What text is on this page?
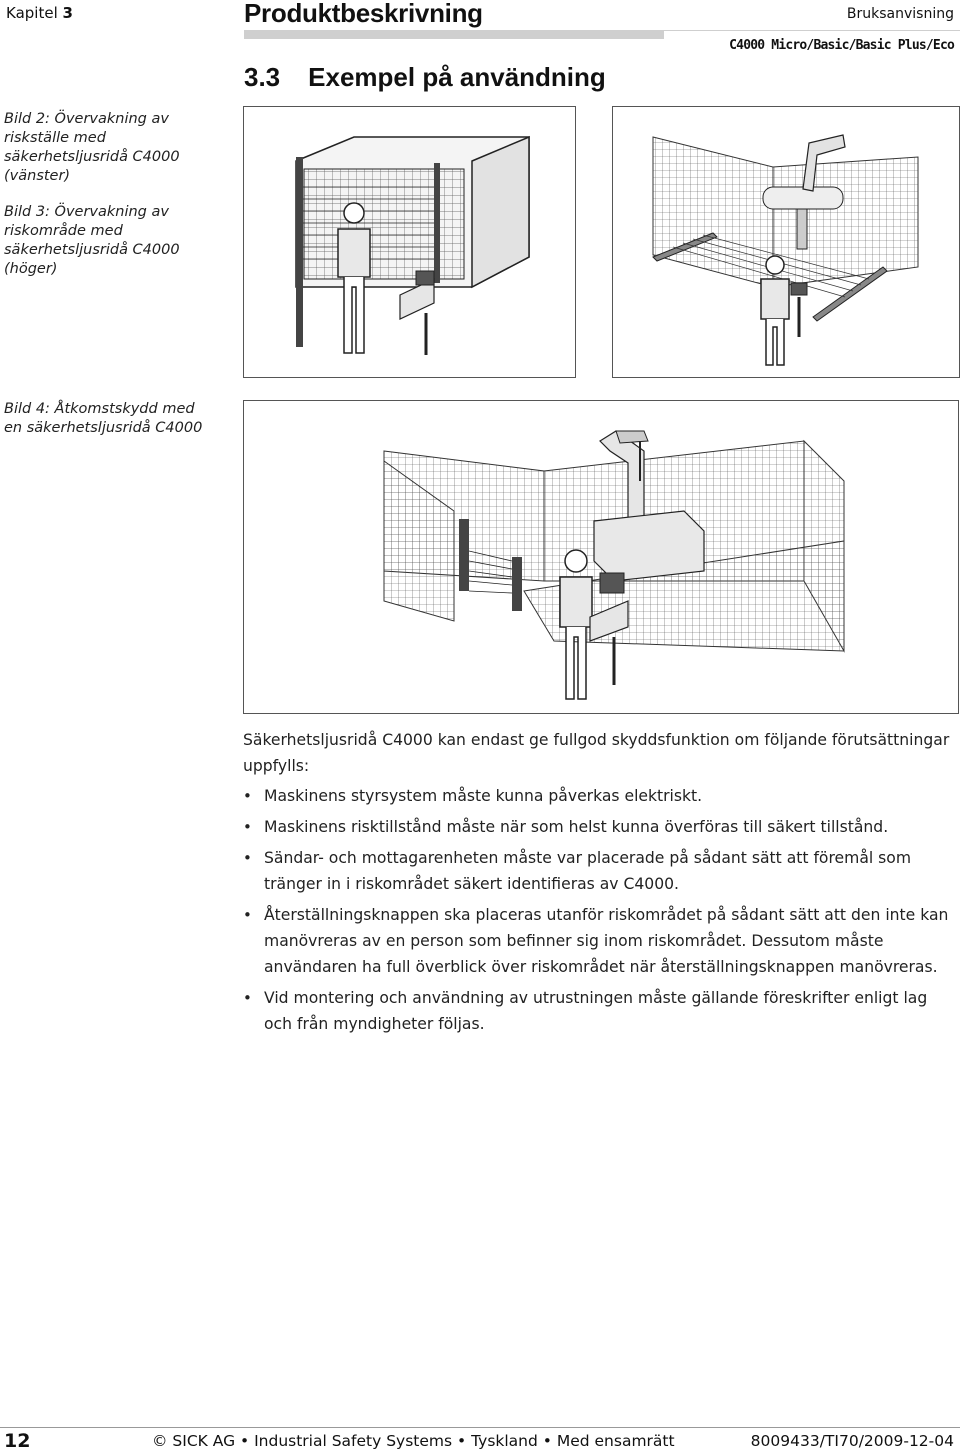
Kapitel 3	Produktbeskrivning	Bruksanvisning
C4000 Micro/Basic/Basic Plus/Eco
3.3 Exempel på användning
Bild 2: Övervakning av riskställe med säkerhetsljusridå C4000 (vänster)
Bild 3: Övervakning av riskområde med säkerhetsljusridå C4000 (höger)
Bild 4: Åtkomstskydd med en säkerhetsljusridå C4000
Säkerhetsljusridå C4000 kan endast ge fullgod skyddsfunktion om följande förutsättningar uppfylls:
• Maskinens styrsystem måste kunna påverkas elektriskt.
• Maskinens risktillstånd måste när som helst kunna överföras till säkert tillstånd.
• Sändar- och mottagarenheten måste var placerade på sådant sätt att föremål som tränger in i riskområdet säkert identifieras av C4000.
• Återställningsknappen ska placeras utanför riskområdet på sådant sätt att den inte kan manövreras av en person som befinner sig inom riskområdet. Dessutom måste användaren ha full överblick över riskområdet när återställningsknappen manövreras.
• Vid montering och användning av utrustningen måste gällande föreskrifter enligt lag och från myndigheter följas.
12	© SICK AG • Industrial Safety Systems • Tyskland • Med ensamrätt	8009433/TI70/2009-12-04
